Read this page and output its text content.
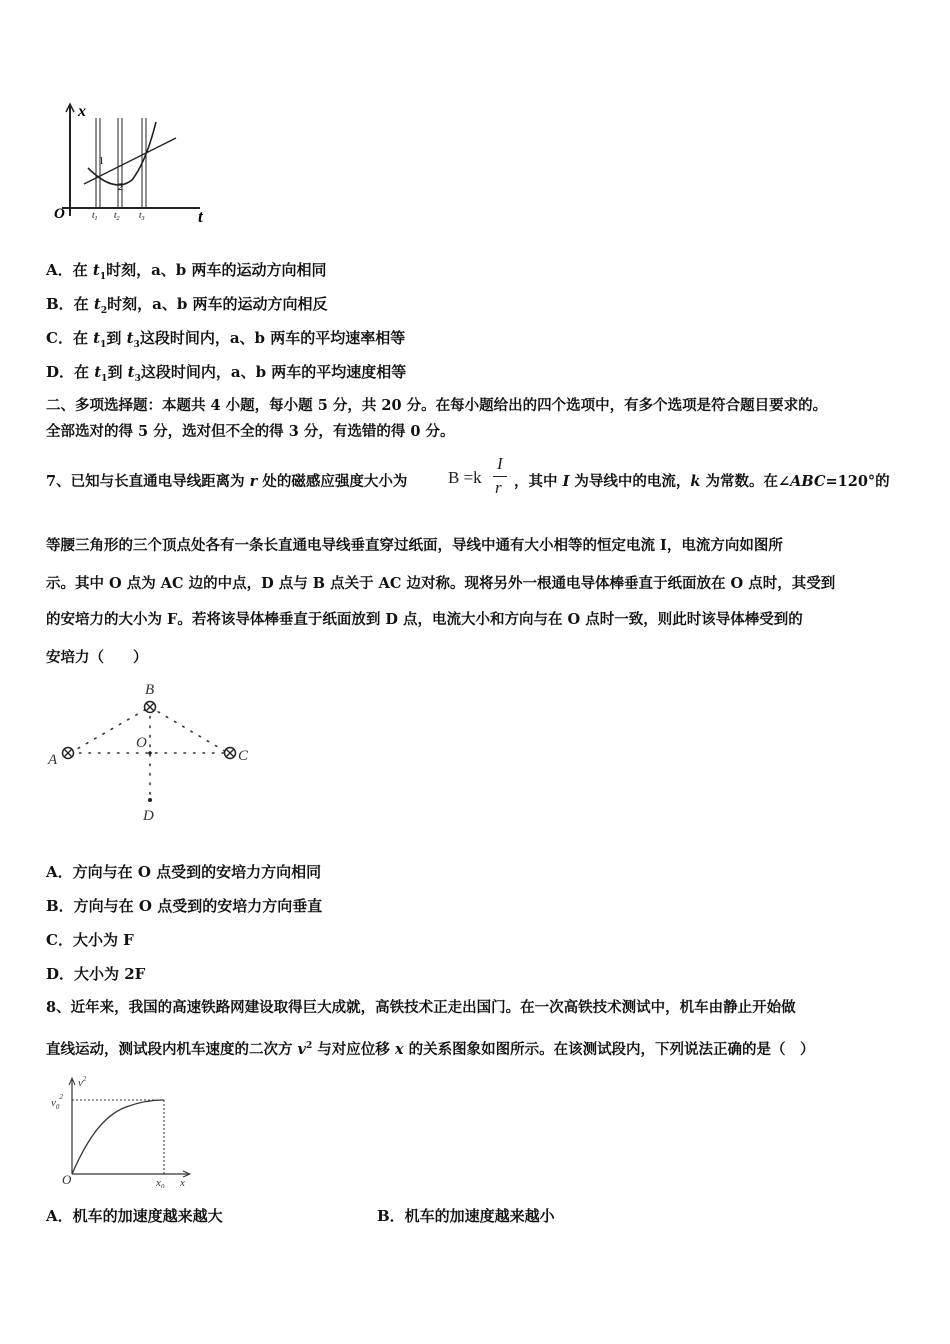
x
t
O
1
2
$t_1$ $t_2$ $t_3$
A．在 $t_1$时刻，a、b 两车的运动方向相同
B．在 $t_2$时刻，a、b 两车的运动方向相反
C．在 $t_1$到 $t_3$这段时间内，a、b 两车的平均速率相等
D．在 $t_1$到 $t_3$这段时间内，a、b 两车的平均速度相等
二、多项选择题：本题共 4 小题，每小题 5 分，共 20 分。在每小题给出的四个选项中，有多个选项是符合题目要求的。
全部选对的得 5 分，选对但不全的得 3 分，有选错的得 0 分。
7、已知与长直通电导线距离为 r 处的磁感应强度大小为 B =k
I
r ，其中 I 为导线中的电流，k 为常数。在∠ABC=120°的
等腰三角形的三个顶点处各有一条长直通电导线垂直穿过纸面，导线中通有大小相等的恒定电流 I，电流方向如图所
示。其中 O 点为 AC 边的中点，D 点与 B 点关于 AC 边对称。现将另外一根通电导体棒垂直于纸面放在 O 点时，其受到
的安培力的大小为 F。若将该导体棒垂直于纸面放到 D 点，电流大小和方向与在 O 点时一致，则此时该导体棒受到的
安培力（　　）
A
B
C
O
D
A．方向与在 O 点受到的安培力方向相同
B．方向与在 O 点受到的安培力方向垂直
C．大小为 F
D．大小为 2F
8、近年来，我国的高速铁路网建设取得巨大成就，高铁技术正走出国门。在一次高铁技术测试中，机车由静止开始做
直线运动，测试段内机车速度的二次方 $v^2$ 与对应位移 x 的关系图象如图所示。在该测试段内，下列说法正确的是（　）
$v^2$
$v_0^2$
O	$x_0$ x
A．机车的加速度越来越大	B．机车的加速度越来越小
